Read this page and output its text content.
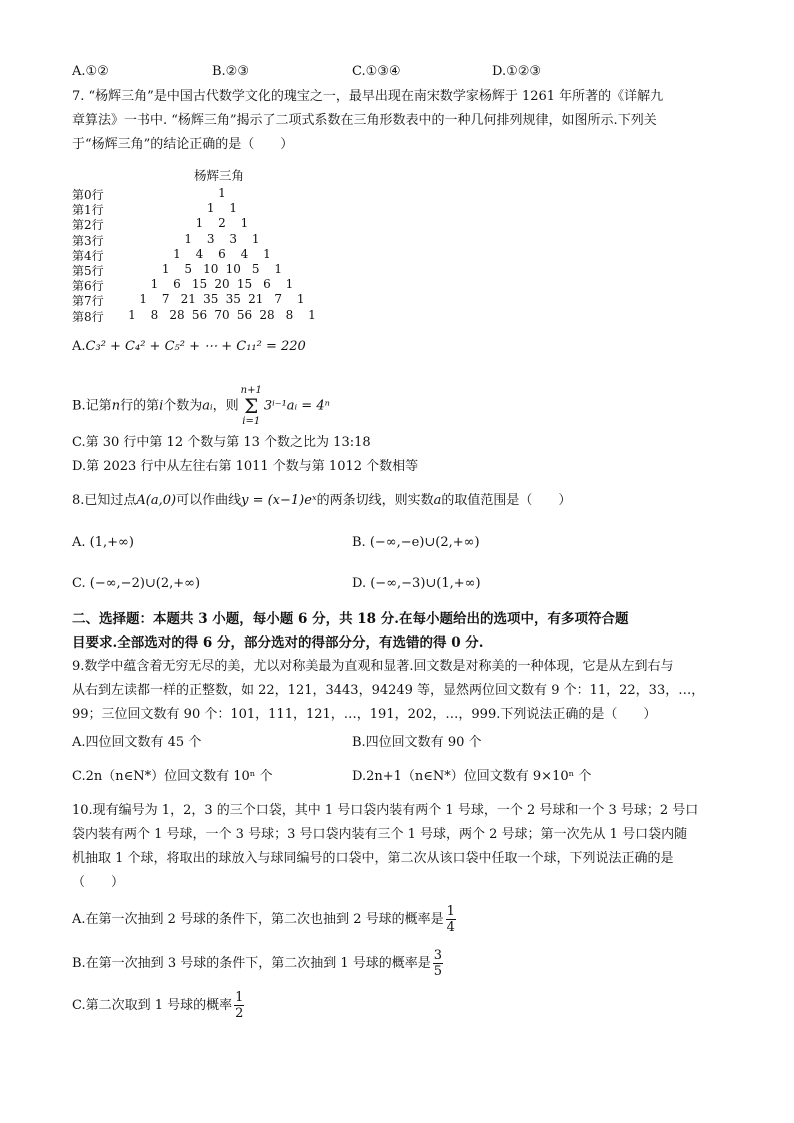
A.①②	B.②③	C.①③④	D.①②③
7. “杨辉三角”是中国古代数学文化的瑰宝之一，最早出现在南宋数学家杨辉于 1261 年所著的《详解九
章算法》一书中. “杨辉三角”揭示了二项式系数在三角形数表中的一种几何排列规律，如图所示.下列关
于“杨辉三角”的结论正确的是（　　）
杨辉三角
第0行	1
第1行	1	1
第2行	1	2	1
第3行	1	3	3	1
第4行	1	4	6	4	1
第5行	1	5 10 10 5	1
第6行	1	6 15 20 15 6	1
第7行	1	7 21 35 35 21 7	1
第8行	1	8 28 56 70 56 28 8	1
A.C₃² + C₄² + C₅² + ⋯ + C₁₁² = 220
B.记第n行的第i个数为aᵢ，则
n+1
Σ
i=1
3ⁱ⁻¹aᵢ = 4ⁿ
C.第 30 行中第 12 个数与第 13 个数之比为 13:18
D.第 2023 行中从左往右第 1011 个数与第 1012 个数相等
8.已知过点A(a,0)可以作曲线y = (x−1)eˣ的两条切线，则实数a的取值范围是（　　）
A. (1,+∞)	B. (−∞,−e)∪(2,+∞)
C. (−∞,−2)∪(2,+∞)	D. (−∞,−3)∪(1,+∞)
二、选择题：本题共 3 小题，每小题 6 分，共 18 分.在每小题给出的选项中，有多项符合题
目要求.全部选对的得 6 分，部分选对的得部分分，有选错的得 0 分.
9.数学中蕴含着无穷无尽的美，尤以对称美最为直观和显著.回文数是对称美的一种体现，它是从左到右与
从右到左读都一样的正整数，如 22，121，3443，94249 等，显然两位回文数有 9 个：11，22，33，…，
99；三位回文数有 90 个：101，111，121，…，191，202，…，999.下列说法正确的是（　　）
A.四位回文数有 45 个	B.四位回文数有 90 个
C.2n（n∈N*）位回文数有 10ⁿ 个	D.2n+1（n∈N*）位回文数有 9×10ⁿ 个
10.现有编号为 1，2，3 的三个口袋，其中 1 号口袋内装有两个 1 号球，一个 2 号球和一个 3 号球；2 号口
袋内装有两个 1 号球，一个 3 号球；3 号口袋内装有三个 1 号球，两个 2 号球；第一次先从 1 号口袋内随
机抽取 1 个球，将取出的球放入与球同编号的口袋中，第二次从该口袋中任取一个球，下列说法正确的是
（　　）
A.在第一次抽到 2 号球的条件下，第二次也抽到 2 号球的概率是 $\frac{1}{4}$
B.在第一次抽到 3 号球的条件下，第二次抽到 1 号球的概率是 $\frac{3}{5}$
C.第二次取到 1 号球的概率 $\frac{1}{2}$
